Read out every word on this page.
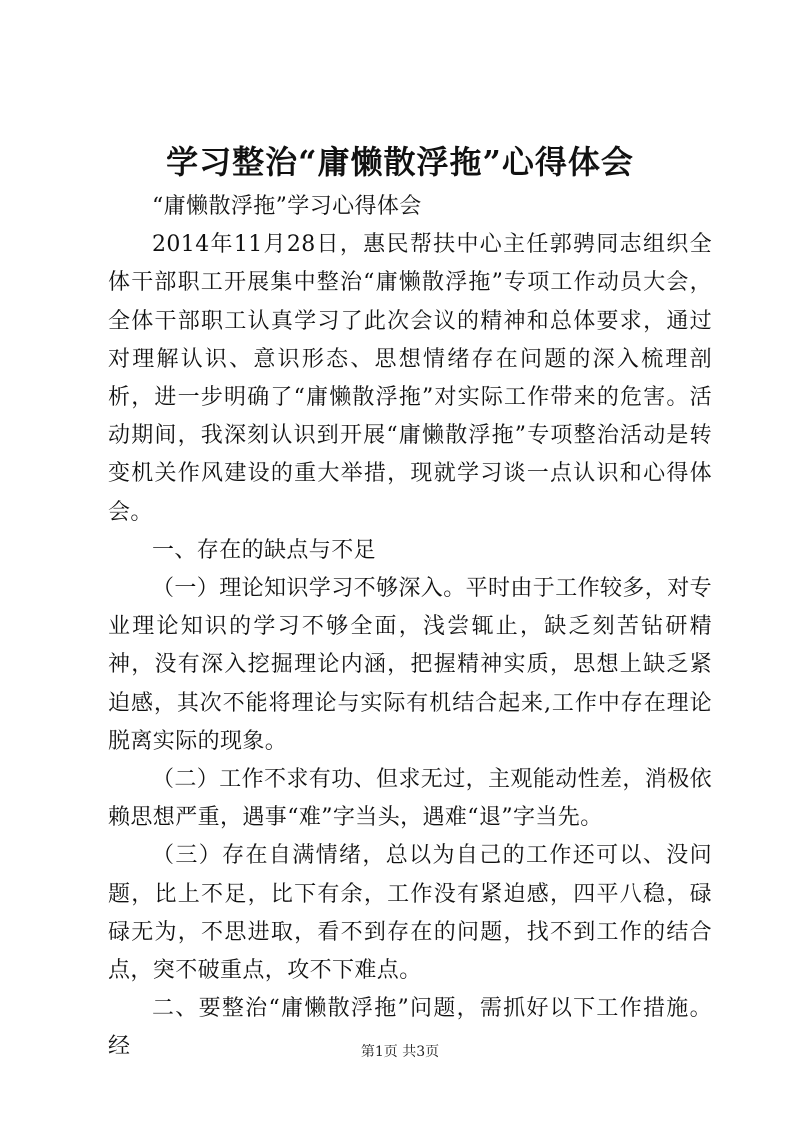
学习整治“庸懒散浮拖”心得体会

“庸懒散浮拖”学习心得体会

2014年11月28日，惠民帮扶中心主任郭骋同志组织全体干部职工开展集中整治“庸懒散浮拖”专项工作动员大会，全体干部职工认真学习了此次会议的精神和总体要求，通过对理解认识、意识形态、思想情绪存在问题的深入梳理剖析，进一步明确了“庸懒散浮拖”对实际工作带来的危害。活动期间，我深刻认识到开展“庸懒散浮拖”专项整治活动是转变机关作风建设的重大举措，现就学习谈一点认识和心得体会。

一、存在的缺点与不足

（一）理论知识学习不够深入。平时由于工作较多，对专业理论知识的学习不够全面，浅尝辄止，缺乏刻苦钻研精神，没有深入挖掘理论内涵，把握精神实质，思想上缺乏紧迫感，其次不能将理论与实际有机结合起来,工作中存在理论脱离实际的现象。

（二）工作不求有功、但求无过，主观能动性差，消极依赖思想严重，遇事“难”字当头，遇难“退”字当先。

（三）存在自满情绪，总以为自己的工作还可以、没问题，比上不足，比下有余，工作没有紧迫感，四平八稳，碌碌无为，不思进取，看不到存在的问题，找不到工作的结合点，突不破重点，攻不下难点。

二、要整治“庸懒散浮拖”问题，需抓好以下工作措施。经	第1页 共3页
